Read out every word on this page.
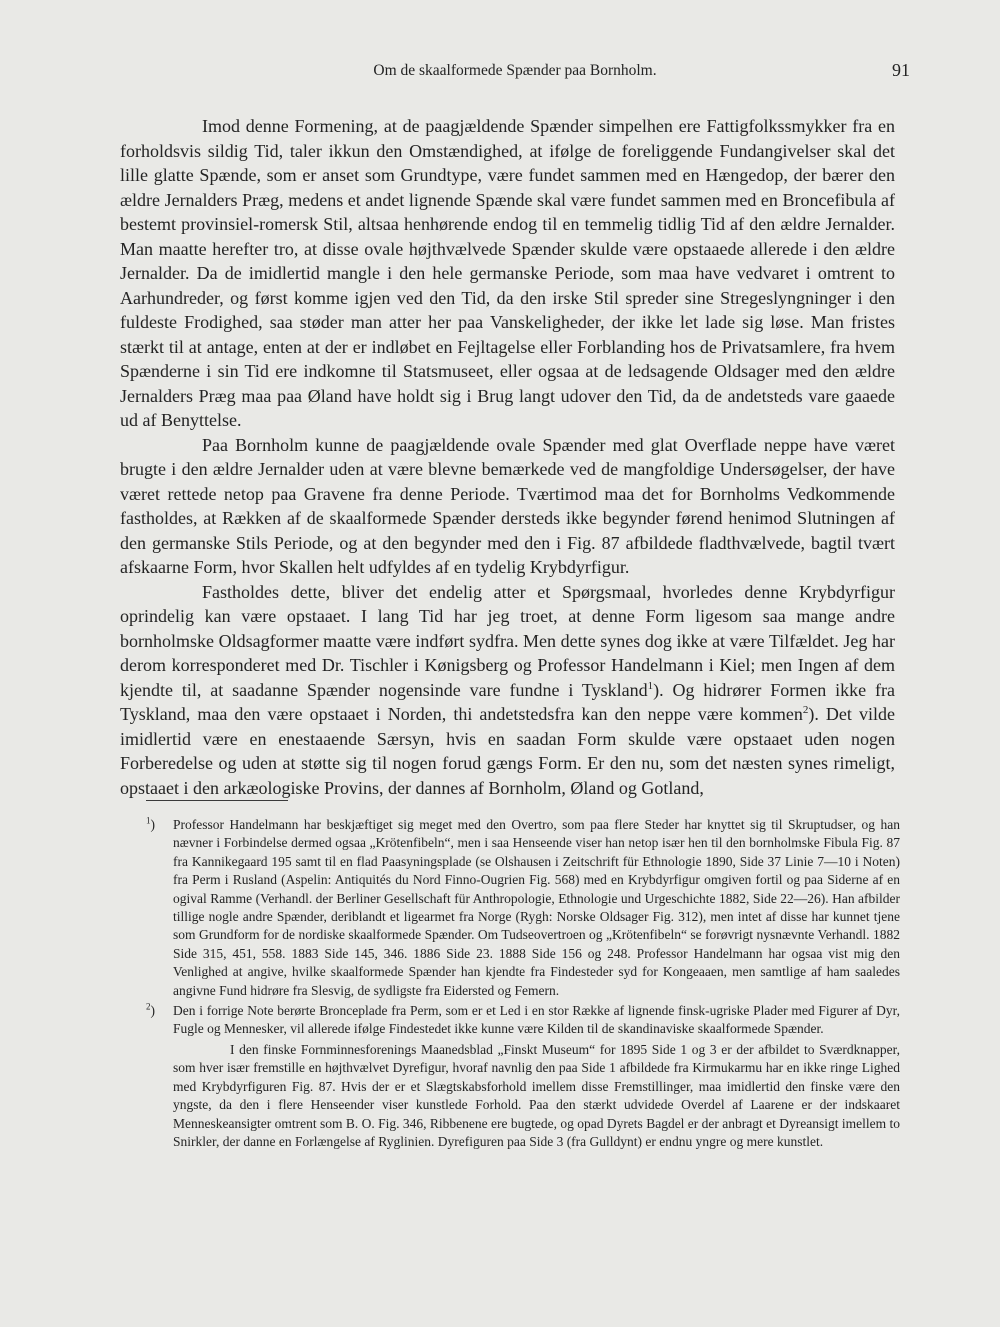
Om de skaalformede Spænder paa Bornholm.	91

Imod denne Formening, at de paagjældende Spænder simpelhen ere Fattigfolkssmykker fra en forholdsvis sildig Tid, taler ikkun den Omstændighed, at ifølge de foreliggende Fundangivelser skal det lille glatte Spænde, som er anset som Grundtype, være fundet sammen med en Hængedop, der bærer den ældre Jernalders Præg, medens et andet lignende Spænde skal være fundet sammen med en Broncefibula af bestemt provinsiel-romersk Stil, altsaa henhørende endog til en temmelig tidlig Tid af den ældre Jernalder. Man maatte herefter tro, at disse ovale højthvælvede Spænder skulde være opstaaede allerede i den ældre Jernalder. Da de imidlertid mangle i den hele germanske Periode, som maa have vedvaret i omtrent to Aarhundreder, og først komme igjen ved den Tid, da den irske Stil spreder sine Stregeslyngninger i den fuldeste Frodighed, saa støder man atter her paa Vanskeligheder, der ikke let lade sig løse. Man fristes stærkt til at antage, enten at der er indløbet en Fejltagelse eller Forblanding hos de Privatsamlere, fra hvem Spænderne i sin Tid ere indkomne til Statsmuseet, eller ogsaa at de ledsagende Oldsager med den ældre Jernalders Præg maa paa Øland have holdt sig i Brug langt udover den Tid, da de andetsteds vare gaaede ud af Benyttelse.

Paa Bornholm kunne de paagjældende ovale Spænder med glat Overflade neppe have været brugte i den ældre Jernalder uden at være blevne bemærkede ved de mangfoldige Undersøgelser, der have været rettede netop paa Gravene fra denne Periode. Tværtimod maa det for Bornholms Vedkommende fastholdes, at Rækken af de skaalformede Spænder dersteds ikke begynder førend henimod Slutningen af den germanske Stils Periode, og at den begynder med den i Fig. 87 afbildede fladthvælvede, bagtil tvært afskaarne Form, hvor Skallen helt udfyldes af en tydelig Krybdyrfigur.

Fastholdes dette, bliver det endelig atter et Spørgsmaal, hvorledes denne Krybdyrfigur oprindelig kan være opstaaet. I lang Tid har jeg troet, at denne Form ligesom saa mange andre bornholmske Oldsagformer maatte være indført sydfra. Men dette synes dog ikke at være Tilfældet. Jeg har derom korresponderet med Dr. Tischler i Kønigsberg og Professor Handelmann i Kiel; men Ingen af dem kjendte til, at saadanne Spænder nogensinde vare fundne i Tyskland$^1$). Og hidrører Formen ikke fra Tyskland, maa den være opstaaet i Norden, thi andetstedsfra kan den neppe være kommen$^2$). Det vilde imidlertid være en enestaaende Særsyn, hvis en saadan Form skulde være opstaaet uden nogen Forberedelse og uden at støtte sig til nogen forud gængs Form. Er den nu, som det næsten synes rimeligt, opstaaet i den arkæologiske Provins, der dannes af Bornholm, Øland og Gotland,

$^1$) Professor Handelmann har beskjæftiget sig meget med den Overtro, som paa flere Steder har knyttet sig til Skruptudser, og han nævner i Forbindelse dermed ogsaa „Krötenfibeln“, men i saa Henseende viser han netop især hen til den bornholmske Fibula Fig. 87 fra Kannikegaard 195 samt til en flad Paasyningsplade (se Olshausen i Zeitschrift für Ethnologie 1890, Side 37 Linie 7—10 i Noten) fra Perm i Rusland (Aspelin: Antiquités du Nord Finno-Ougrien Fig. 568) med en Krybdyrfigur omgiven fortil og paa Siderne af en ogival Ramme (Verhandl. der Berliner Gesellschaft für Anthropologie, Ethnologie und Urgeschichte 1882, Side 22—26). Han afbilder tillige nogle andre Spænder, deriblandt et ligearmet fra Norge (Rygh: Norske Oldsager Fig. 312), men intet af disse har kunnet tjene som Grundform for de nordiske skaalformede Spænder. Om Tudseovertroen og „Krötenfibeln“ se forøvrigt nysnævnte Verhandl. 1882 Side 315, 451, 558. 1883 Side 145, 346. 1886 Side 23. 1888 Side 156 og 248. Professor Handelmann har ogsaa vist mig den Venlighed at angive, hvilke skaalformede Spænder han kjendte fra Findesteder syd for Kongeaaen, men samtlige af ham saaledes angivne Fund hidrøre fra Slesvig, de sydligste fra Eidersted og Femern.
$^2$) Den i forrige Note berørte Bronceplade fra Perm, som er et Led i en stor Række af lignende finsk-ugriske Plader med Figurer af Dyr, Fugle og Mennesker, vil allerede ifølge Findestedet ikke kunne være Kilden til de skandinaviske skaalformede Spænder.

I den finske Fornminnesforenings Maanedsblad „Finskt Museum“ for 1895 Side 1 og 3 er der afbildet to Sværdknapper, som hver især fremstille en højthvælvet Dyrefigur, hvoraf navnlig den paa Side 1 afbildede fra Kirmukarmu har en ikke ringe Lighed med Krybdyrfiguren Fig. 87. Hvis der er et Slægtskabsforhold imellem disse Fremstillinger, maa imidlertid den finske være den yngste, da den i flere Henseender viser kunstlede Forhold. Paa den stærkt udvidede Overdel af Laarene er der indskaaret Menneskeansigter omtrent som B. O. Fig. 346, Ribbenene ere bugtede, og opad Dyrets Bagdel er der anbragt et Dyreansigt imellem to Snirkler, der danne en Forlængelse af Ryglinien. Dyrefiguren paa Side 3 (fra Gulldynt) er endnu yngre og mere kunstlet.
